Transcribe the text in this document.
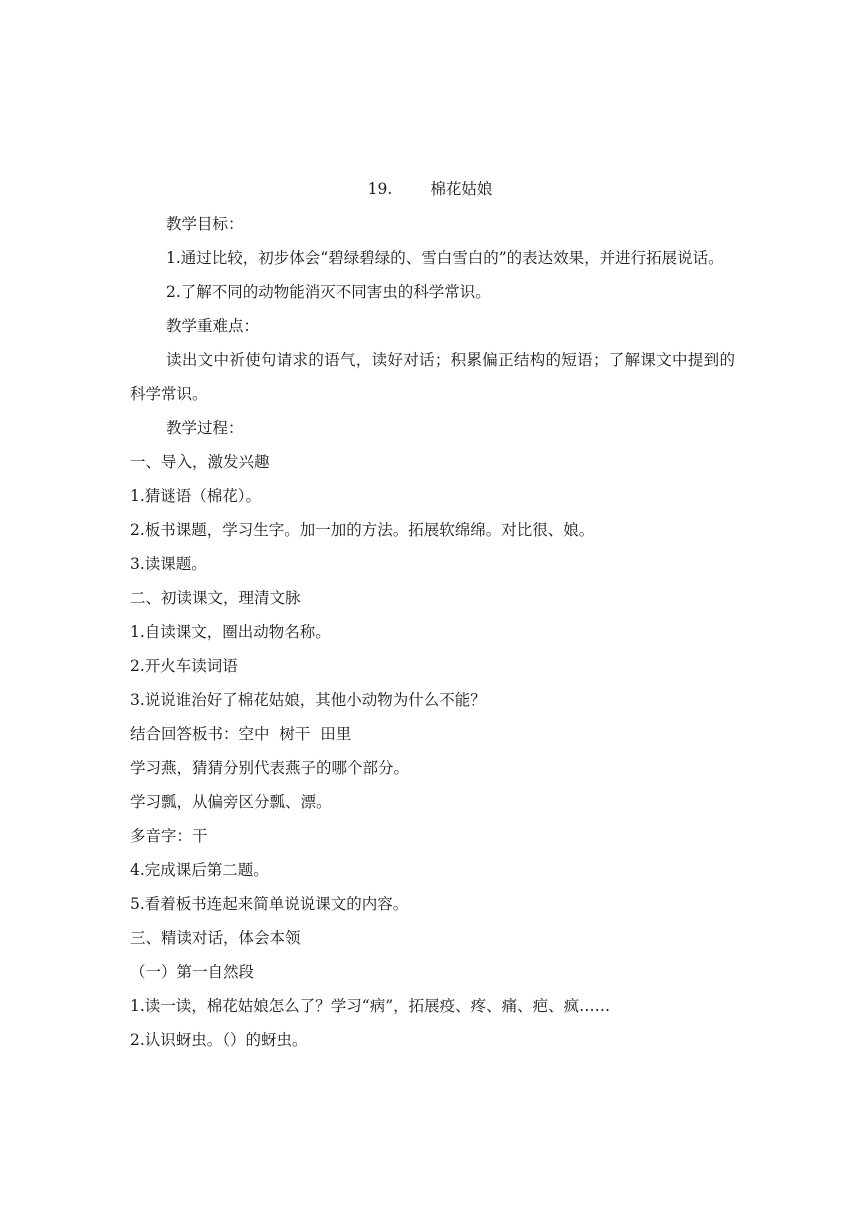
19. 棉花姑娘

教学目标：

1.通过比较，初步体会“碧绿碧绿的、雪白雪白的”的表达效果，并进行拓展说话。

2.了解不同的动物能消灭不同害虫的科学常识。

教学重难点：

读出文中祈使句请求的语气，读好对话；积累偏正结构的短语；了解课文中提到的科学常识。

教学过程：

一、导入，激发兴趣

1.猜谜语（棉花）。

2.板书课题，学习生字。加一加的方法。拓展软绵绵。对比很、娘。

3.读课题。

二、初读课文，理清文脉

1.自读课文，圈出动物名称。

2.开火车读词语

3.说说谁治好了棉花姑娘，其他小动物为什么不能？

结合回答板书：空中  树干  田里

学习燕，猜猜分别代表燕子的哪个部分。

学习瓢，从偏旁区分瓢、漂。

多音字：干

4.完成课后第二题。

5.看着板书连起来简单说说课文的内容。

三、精读对话，体会本领

（一）第一自然段

1.读一读，棉花姑娘怎么了？学习“病”，拓展疫、疼、痛、疤、疯……

2.认识蚜虫。（）的蚜虫。
